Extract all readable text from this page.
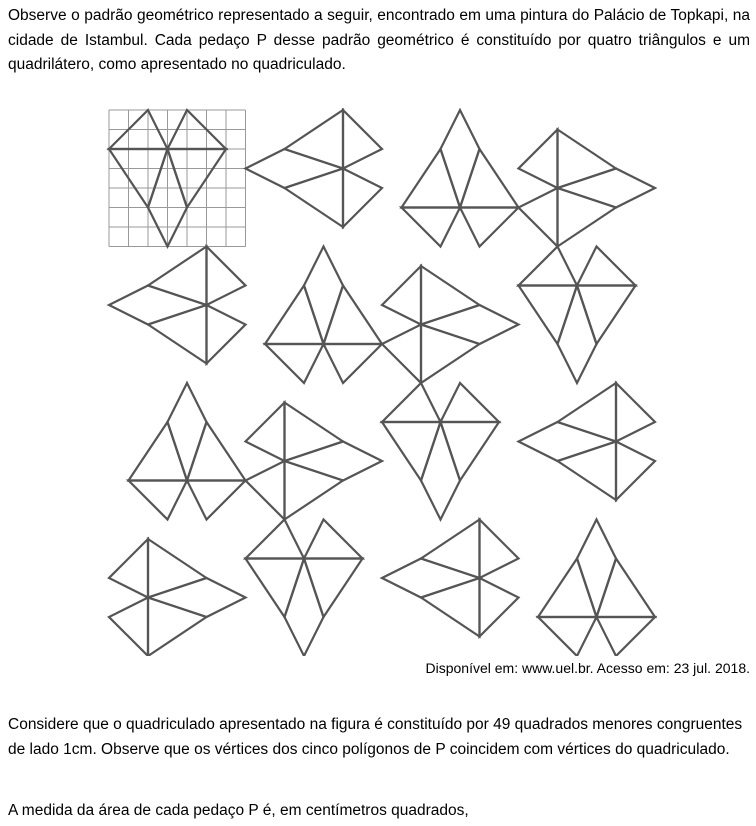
Observe o padrão geométrico representado a seguir, encontrado em uma pintura do Palácio de Topkapi, na cidade de Istambul. Cada pedaço P desse padrão geométrico é constituído por quatro triângulos e um quadrilátero, como apresentado no quadriculado.

Disponível em: www.uel.br. Acesso em: 23 jul. 2018.

Considere que o quadriculado apresentado na figura é constituído por 49 quadrados menores congruentes de lado 1cm. Observe que os vértices dos cinco polígonos de P coincidem com vértices do quadriculado.

A medida da área de cada pedaço P é, em centímetros quadrados,
